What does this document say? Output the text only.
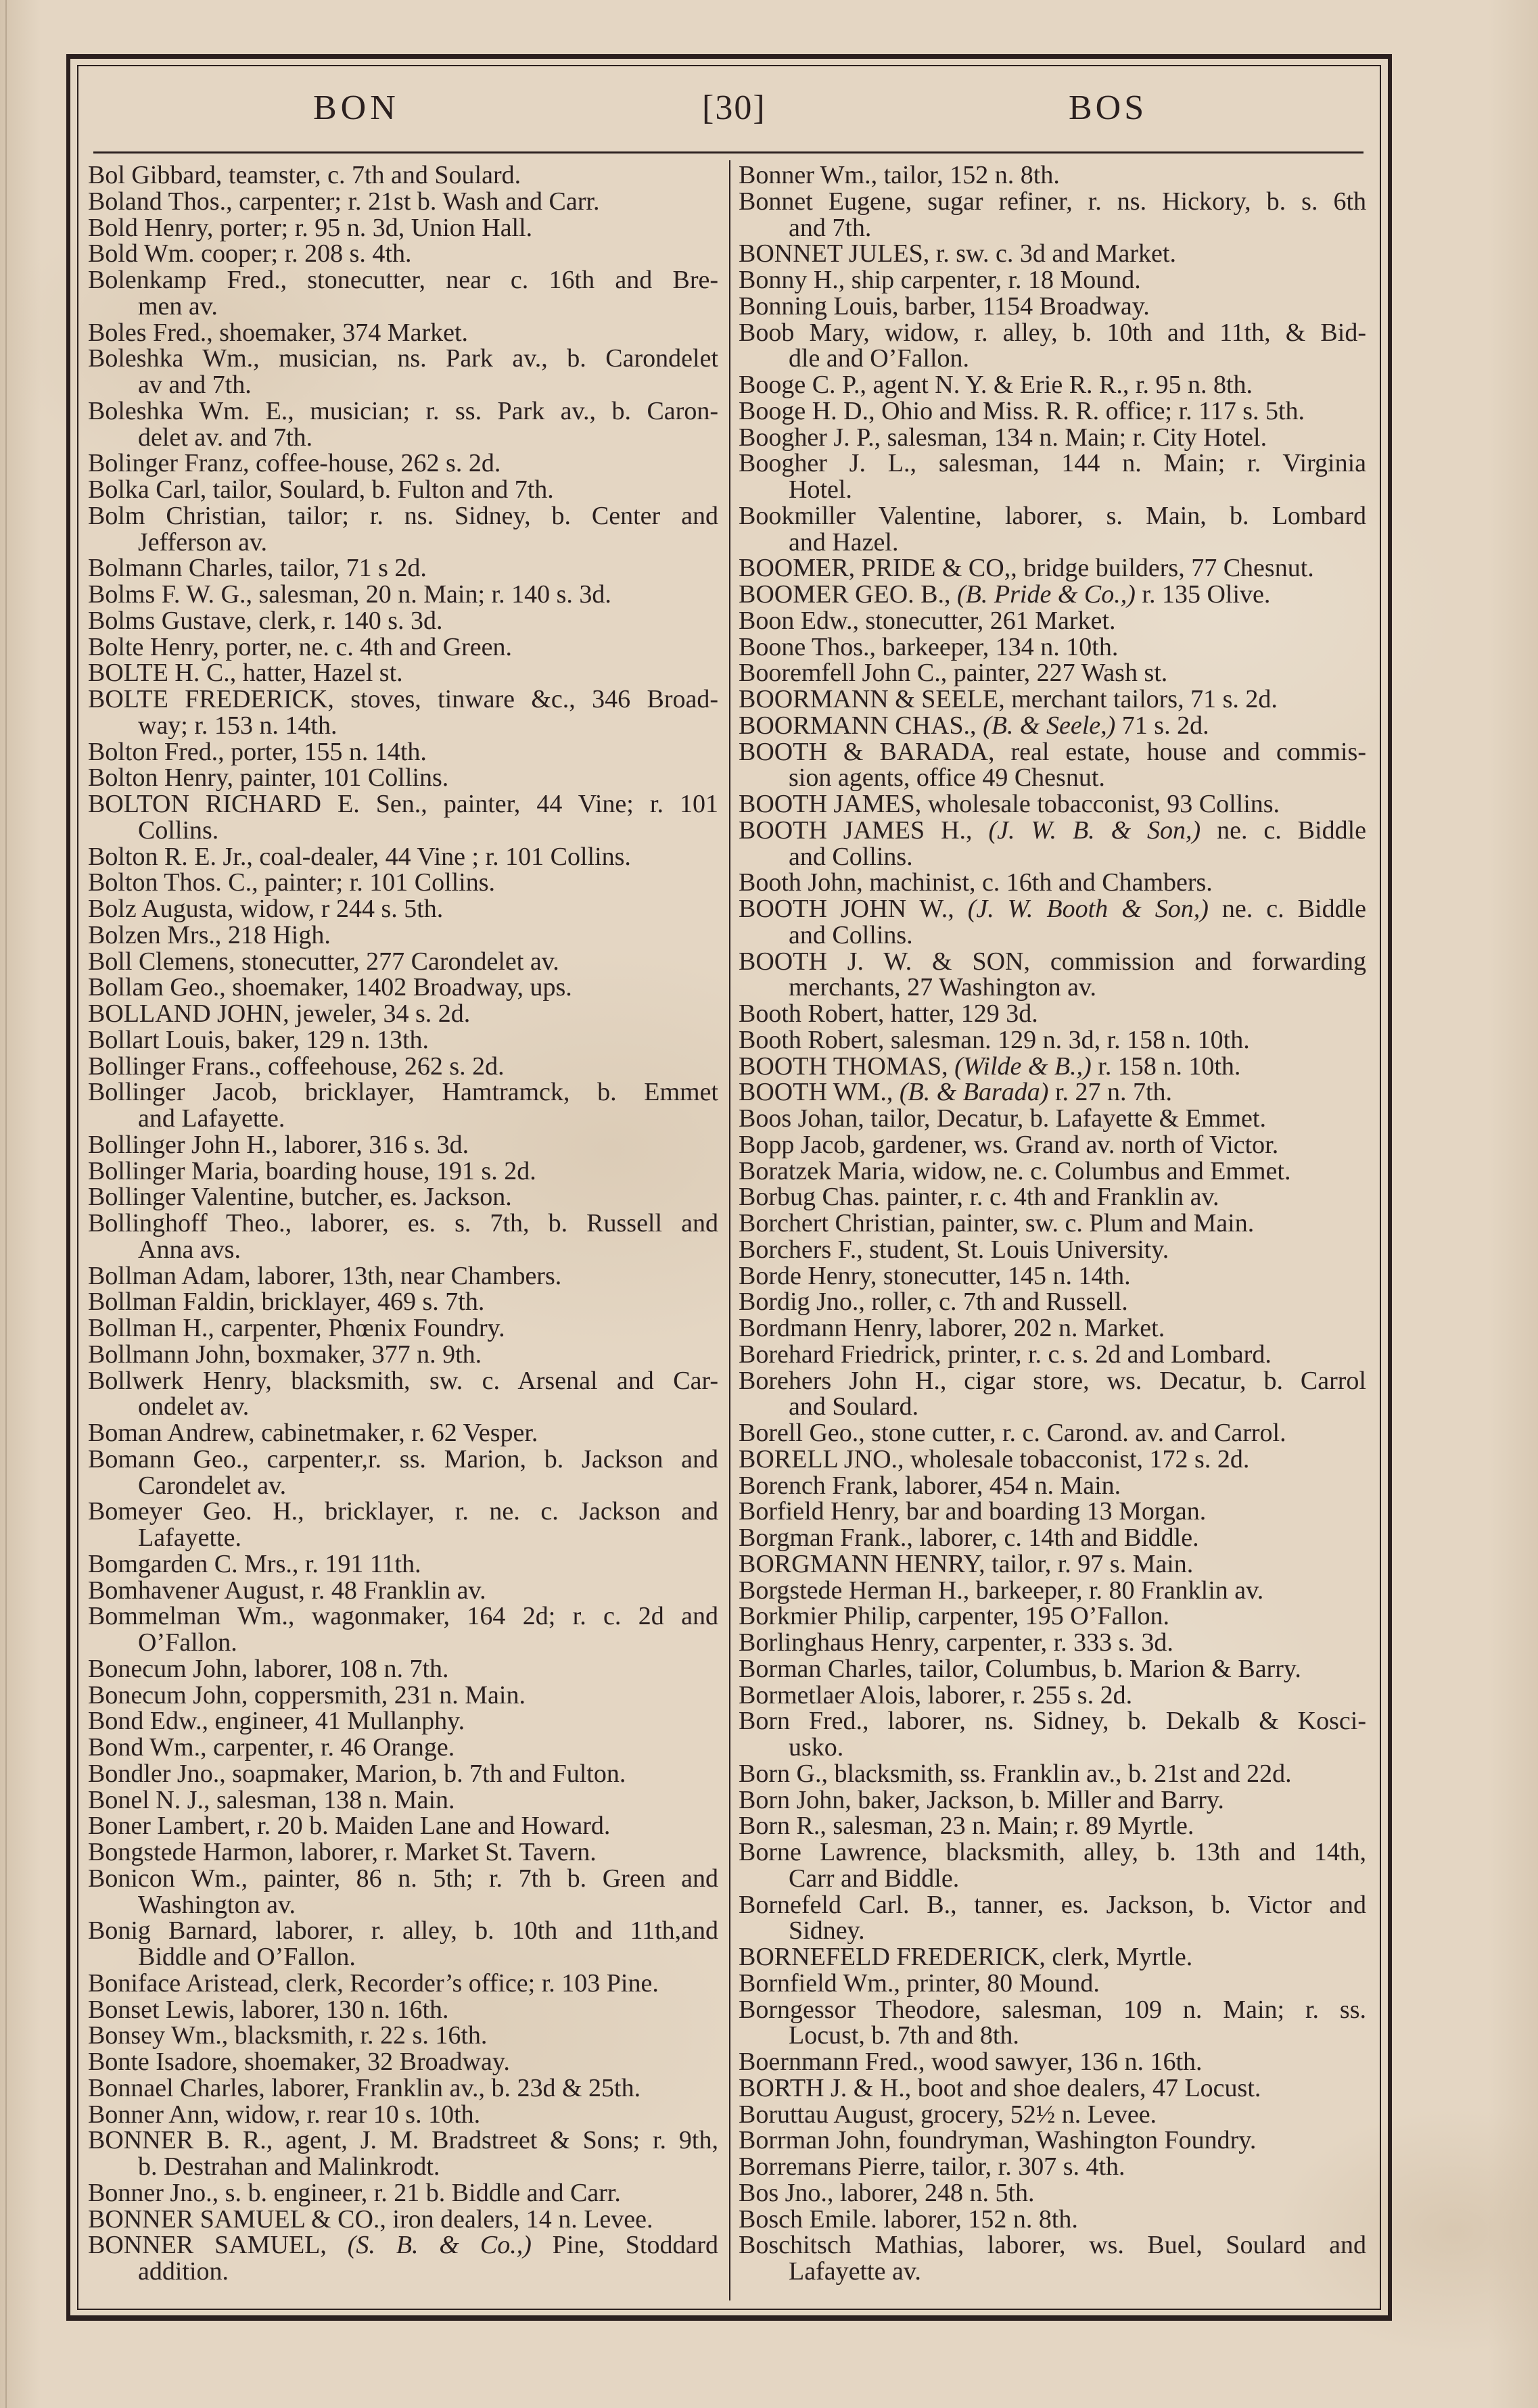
BON	[30]	BOS
Bol Gibbard, teamster, c. 7th and Soulard.
Boland Thos., carpenter; r. 21st b. Wash and Carr.
Bold Henry, porter; r. 95 n. 3d, Union Hall.
Bold Wm. cooper; r. 208 s. 4th.
Bolenkamp Fred., stonecutter, near c. 16th and Bre-
men av.
Boles Fred., shoemaker, 374 Market.
Boleshka Wm., musician, ns. Park av., b. Carondelet
av and 7th.
Boleshka Wm. E., musician; r. ss. Park av., b. Caron-
delet av. and 7th.
Bolinger Franz, coffee-house, 262 s. 2d.
Bolka Carl, tailor, Soulard, b. Fulton and 7th.
Bolm Christian, tailor; r. ns. Sidney, b. Center and
Jefferson av.
Bolmann Charles, tailor, 71 s 2d.
Bolms F. W. G., salesman, 20 n. Main; r. 140 s. 3d.
Bolms Gustave, clerk, r. 140 s. 3d.
Bolte Henry, porter, ne. c. 4th and Green.
BOLTE H. C., hatter, Hazel st.
BOLTE FREDERICK, stoves, tinware &c., 346 Broad-
way; r. 153 n. 14th.
Bolton Fred., porter, 155 n. 14th.
Bolton Henry, painter, 101 Collins.
BOLTON RICHARD E. Sen., painter, 44 Vine; r. 101
Collins.
Bolton R. E. Jr., coal-dealer, 44 Vine ; r. 101 Collins.
Bolton Thos. C., painter; r. 101 Collins.
Bolz Augusta, widow, r 244 s. 5th.
Bolzen Mrs., 218 High.
Boll Clemens, stonecutter, 277 Carondelet av.
Bollam Geo., shoemaker, 1402 Broadway, ups.
BOLLAND JOHN, jeweler, 34 s. 2d.
Bollart Louis, baker, 129 n. 13th.
Bollinger Frans., coffeehouse, 262 s. 2d.
Bollinger Jacob, bricklayer, Hamtramck, b. Emmet
and Lafayette.
Bollinger John H., laborer, 316 s. 3d.
Bollinger Maria, boarding house, 191 s. 2d.
Bollinger Valentine, butcher, es. Jackson.
Bollinghoff Theo., laborer, es. s. 7th, b. Russell and
Anna avs.
Bollman Adam, laborer, 13th, near Chambers.
Bollman Faldin, bricklayer, 469 s. 7th.
Bollman H., carpenter, Phœnix Foundry.
Bollmann John, boxmaker, 377 n. 9th.
Bollwerk Henry, blacksmith, sw. c. Arsenal and Car-
ondelet av.
Boman Andrew, cabinetmaker, r. 62 Vesper.
Bomann Geo., carpenter,r. ss. Marion, b. Jackson and
Carondelet av.
Bomeyer Geo. H., bricklayer, r. ne. c. Jackson and
Lafayette.
Bomgarden C. Mrs., r. 191 11th.
Bomhavener August, r. 48 Franklin av.
Bommelman Wm., wagonmaker, 164 2d; r. c. 2d and
O’Fallon.
Bonecum John, laborer, 108 n. 7th.
Bonecum John, coppersmith, 231 n. Main.
Bond Edw., engineer, 41 Mullanphy.
Bond Wm., carpenter, r. 46 Orange.
Bondler Jno., soapmaker, Marion, b. 7th and Fulton.
Bonel N. J., salesman, 138 n. Main.
Boner Lambert, r. 20 b. Maiden Lane and Howard.
Bongstede Harmon, laborer, r. Market St. Tavern.
Bonicon Wm., painter, 86 n. 5th; r. 7th b. Green and
Washington av.
Bonig Barnard, laborer, r. alley, b. 10th and 11th,and
Biddle and O’Fallon.
Boniface Aristead, clerk, Recorder’s office; r. 103 Pine.
Bonset Lewis, laborer, 130 n. 16th.
Bonsey Wm., blacksmith, r. 22 s. 16th.
Bonte Isadore, shoemaker, 32 Broadway.
Bonnael Charles, laborer, Franklin av., b. 23d & 25th.
Bonner Ann, widow, r. rear 10 s. 10th.
BONNER B. R., agent, J. M. Bradstreet & Sons; r. 9th,
b. Destrahan and Malinkrodt.
Bonner Jno., s. b. engineer, r. 21 b. Biddle and Carr.
BONNER SAMUEL & CO., iron dealers, 14 n. Levee.
BONNER SAMUEL, (S. B. & Co.,) Pine, Stoddard
addition.
Bonner Wm., tailor, 152 n. 8th.
Bonnet Eugene, sugar refiner, r. ns. Hickory, b. s. 6th
and 7th.
BONNET JULES, r. sw. c. 3d and Market.
Bonny H., ship carpenter, r. 18 Mound.
Bonning Louis, barber, 1154 Broadway.
Boob Mary, widow, r. alley, b. 10th and 11th, & Bid-
dle and O’Fallon.
Booge C. P., agent N. Y. & Erie R. R., r. 95 n. 8th.
Booge H. D., Ohio and Miss. R. R. office; r. 117 s. 5th.
Boogher J. P., salesman, 134 n. Main; r. City Hotel.
Boogher J. L., salesman, 144 n. Main; r. Virginia
Hotel.
Bookmiller Valentine, laborer, s. Main, b. Lombard
and Hazel.
BOOMER, PRIDE & CO,, bridge builders, 77 Chesnut.
BOOMER GEO. B., (B. Pride & Co.,) r. 135 Olive.
Boon Edw., stonecutter, 261 Market.
Boone Thos., barkeeper, 134 n. 10th.
Booremfell John C., painter, 227 Wash st.
BOORMANN & SEELE, merchant tailors, 71 s. 2d.
BOORMANN CHAS., (B. & Seele,) 71 s. 2d.
BOOTH & BARADA, real estate, house and commis-
sion agents, office 49 Chesnut.
BOOTH JAMES, wholesale tobacconist, 93 Collins.
BOOTH JAMES H., (J. W. B. & Son,) ne. c. Biddle
and Collins.
Booth John, machinist, c. 16th and Chambers.
BOOTH JOHN W., (J. W. Booth & Son,) ne. c. Biddle
and Collins.
BOOTH J. W. & SON, commission and forwarding
merchants, 27 Washington av.
Booth Robert, hatter, 129 3d.
Booth Robert, salesman. 129 n. 3d, r. 158 n. 10th.
BOOTH THOMAS, (Wilde & B.,) r. 158 n. 10th.
BOOTH WM., (B. & Barada) r. 27 n. 7th.
Boos Johan, tailor, Decatur, b. Lafayette & Emmet.
Bopp Jacob, gardener, ws. Grand av. north of Victor.
Boratzek Maria, widow, ne. c. Columbus and Emmet.
Borbug Chas. painter, r. c. 4th and Franklin av.
Borchert Christian, painter, sw. c. Plum and Main.
Borchers F., student, St. Louis University.
Borde Henry, stonecutter, 145 n. 14th.
Bordig Jno., roller, c. 7th and Russell.
Bordmann Henry, laborer, 202 n. Market.
Borehard Friedrick, printer, r. c. s. 2d and Lombard.
Borehers John H., cigar store, ws. Decatur, b. Carrol
and Soulard.
Borell Geo., stone cutter, r. c. Carond. av. and Carrol.
BORELL JNO., wholesale tobacconist, 172 s. 2d.
Borench Frank, laborer, 454 n. Main.
Borfield Henry, bar and boarding 13 Morgan.
Borgman Frank., laborer, c. 14th and Biddle.
BORGMANN HENRY, tailor, r. 97 s. Main.
Borgstede Herman H., barkeeper, r. 80 Franklin av.
Borkmier Philip, carpenter, 195 O’Fallon.
Borlinghaus Henry, carpenter, r. 333 s. 3d.
Borman Charles, tailor, Columbus, b. Marion & Barry.
Bormetlaer Alois, laborer, r. 255 s. 2d.
Born Fred., laborer, ns. Sidney, b. Dekalb & Kosci-
usko.
Born G., blacksmith, ss. Franklin av., b. 21st and 22d.
Born John, baker, Jackson, b. Miller and Barry.
Born R., salesman, 23 n. Main; r. 89 Myrtle.
Borne Lawrence, blacksmith, alley, b. 13th and 14th,
Carr and Biddle.
Bornefeld Carl. B., tanner, es. Jackson, b. Victor and
Sidney.
BORNEFELD FREDERICK, clerk, Myrtle.
Bornfield Wm., printer, 80 Mound.
Borngessor Theodore, salesman, 109 n. Main; r. ss.
Locust, b. 7th and 8th.
Boernmann Fred., wood sawyer, 136 n. 16th.
BORTH J. & H., boot and shoe dealers, 47 Locust.
Boruttau August, grocery, 52½ n. Levee.
Borrman John, foundryman, Washington Foundry.
Borremans Pierre, tailor, r. 307 s. 4th.
Bos Jno., laborer, 248 n. 5th.
Bosch Emile. laborer, 152 n. 8th.
Boschitsch Mathias, laborer, ws. Buel, Soulard and
Lafayette av.
